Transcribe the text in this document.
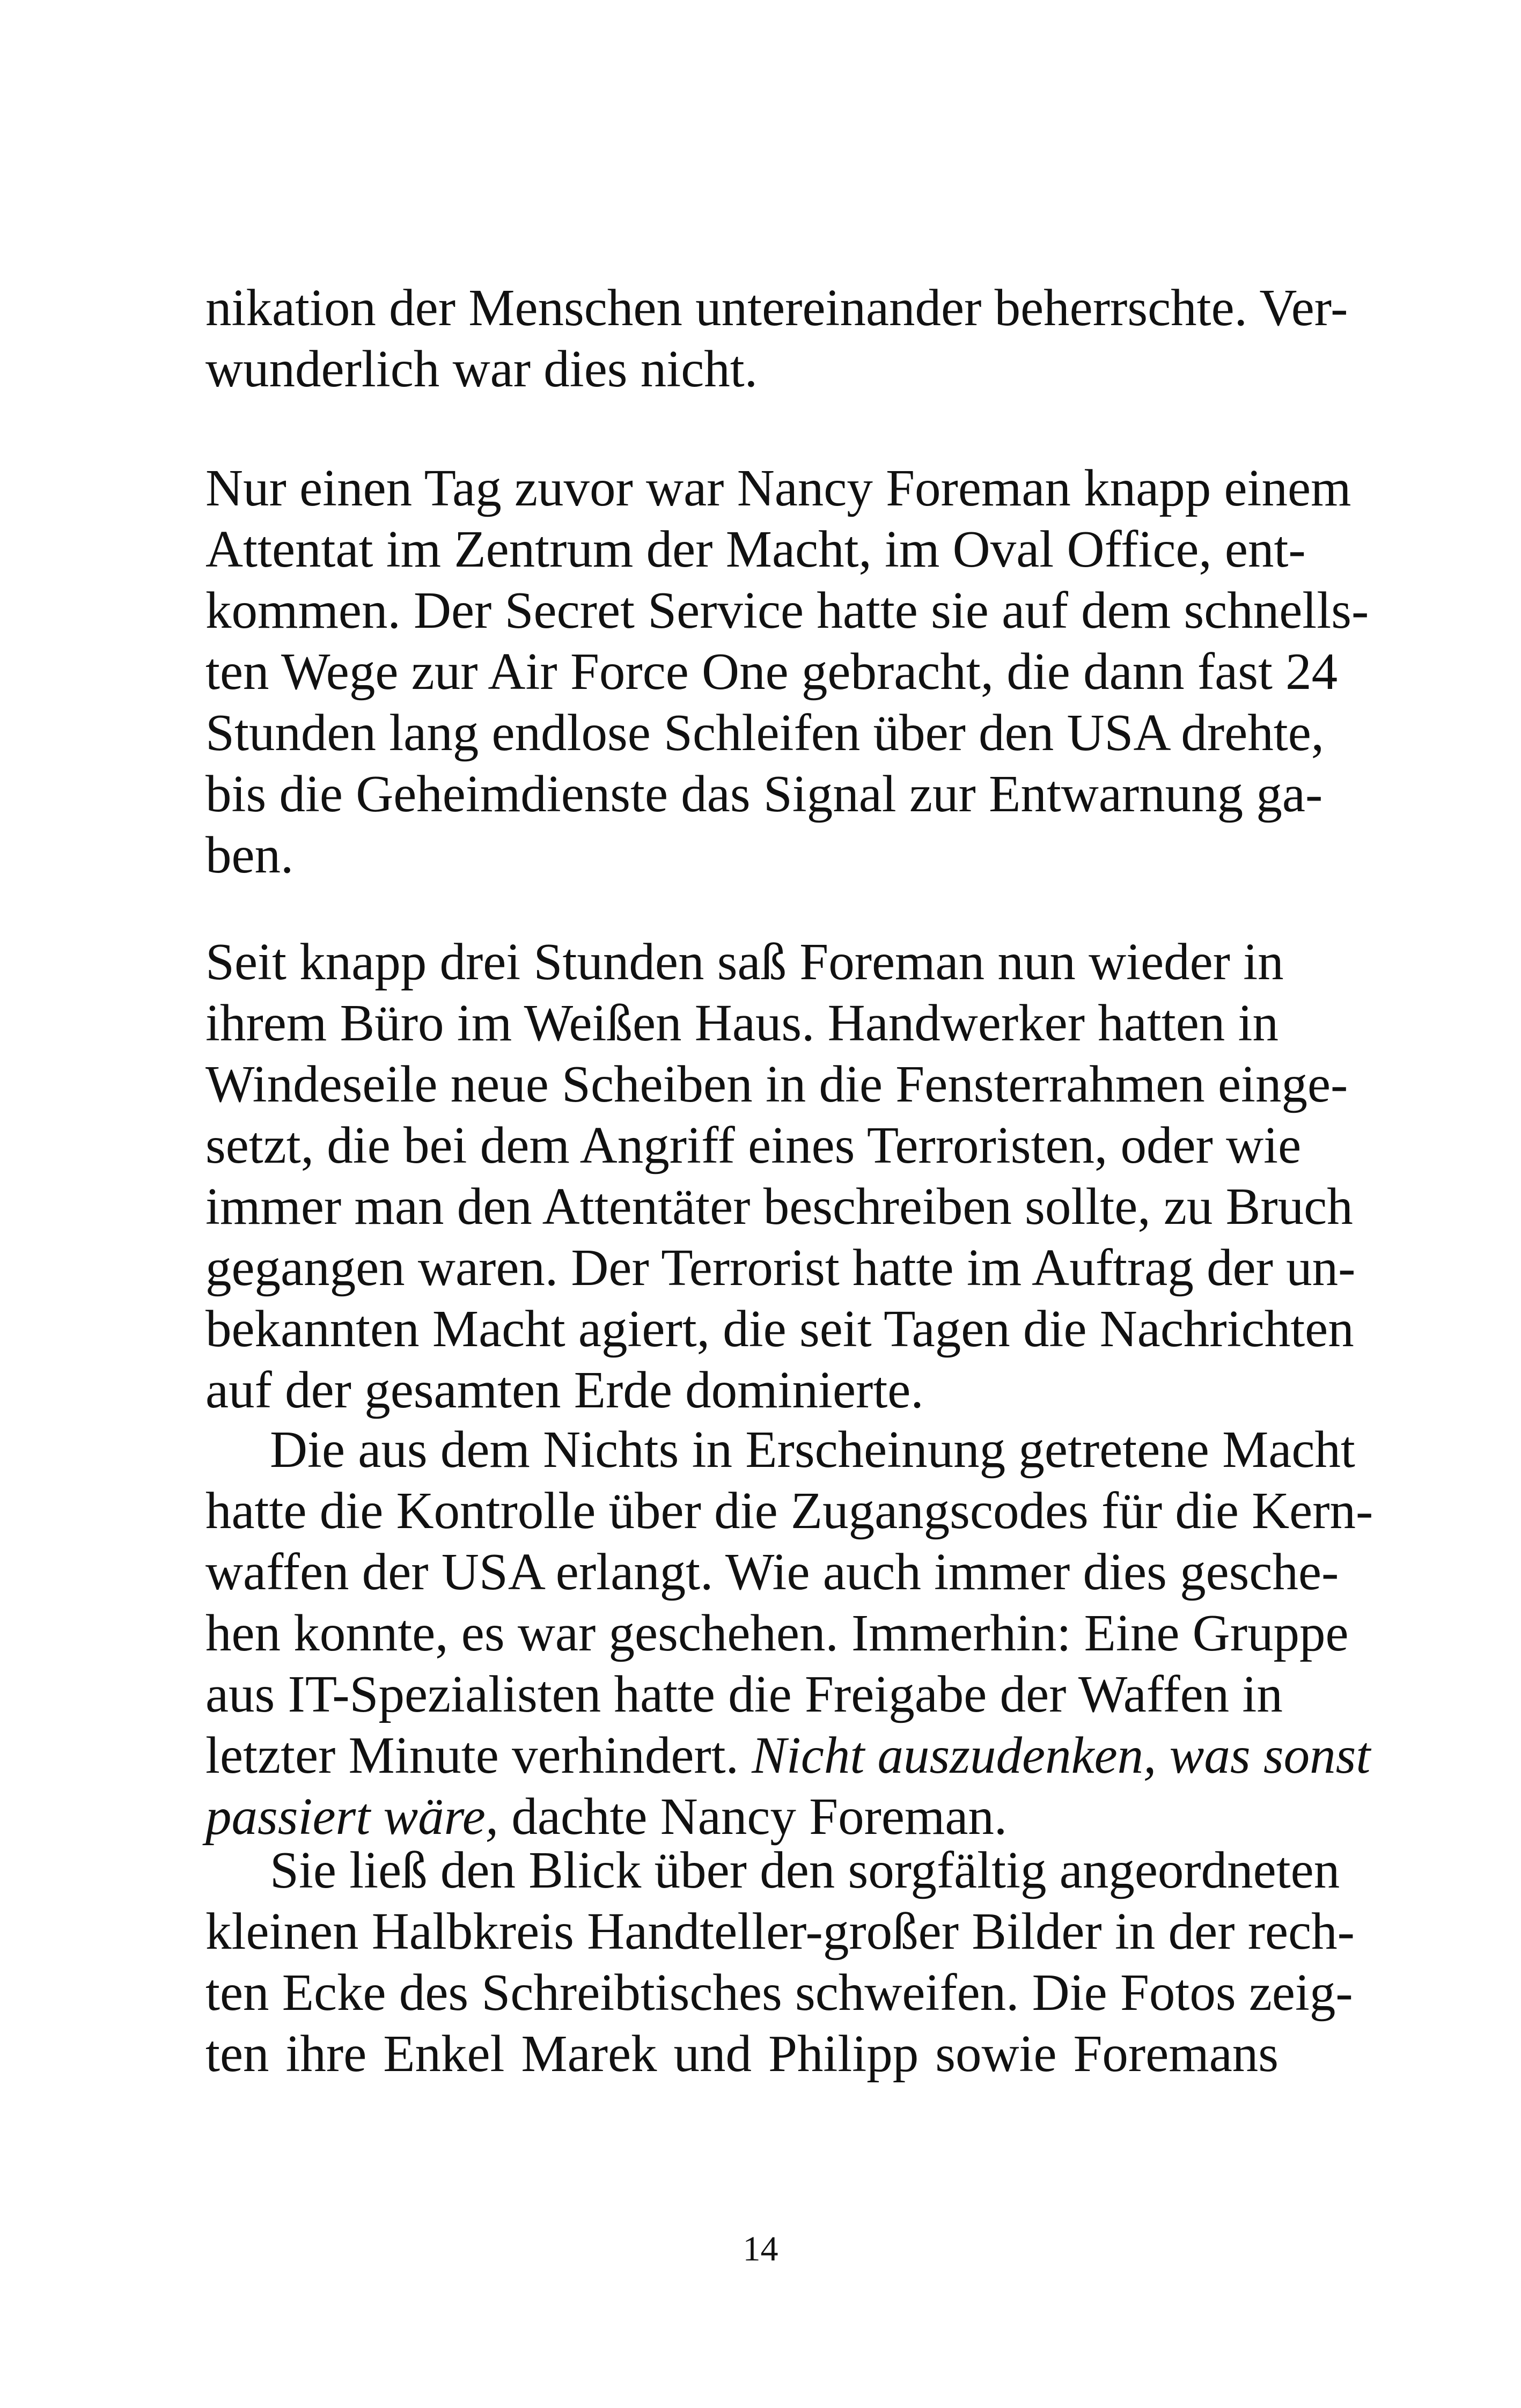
nikation der Menschen untereinander beherrschte. Ver-
wunderlich war dies nicht.
Nur einen Tag zuvor war Nancy Foreman knapp einem
Attentat im Zentrum der Macht, im Oval Office, ent-
kommen. Der Secret Service hatte sie auf dem schnells-
ten Wege zur Air Force One gebracht, die dann fast 24
Stunden lang endlose Schleifen über den USA drehte,
bis die Geheimdienste das Signal zur Entwarnung ga-
ben.
Seit knapp drei Stunden saß Foreman nun wieder in
ihrem Büro im Weißen Haus. Handwerker hatten in
Windeseile neue Scheiben in die Fensterrahmen einge-
setzt, die bei dem Angriff eines Terroristen, oder wie
immer man den Attentäter beschreiben sollte, zu Bruch
gegangen waren. Der Terrorist hatte im Auftrag der un-
bekannten Macht agiert, die seit Tagen die Nachrichten
auf der gesamten Erde dominierte.
Die aus dem Nichts in Erscheinung getretene Macht
hatte die Kontrolle über die Zugangscodes für die Kern-
waffen der USA erlangt. Wie auch immer dies gesche-
hen konnte, es war geschehen. Immerhin: Eine Gruppe
aus IT-Spezialisten hatte die Freigabe der Waffen in
letzter Minute verhindert. Nicht auszudenken, was sonst
passiert wäre, dachte Nancy Foreman.
Sie ließ den Blick über den sorgfältig angeordneten
kleinen Halbkreis Handteller-großer Bilder in der rech-
ten Ecke des Schreibtisches schweifen. Die Fotos zeig-
ten ihre Enkel Marek und Philipp sowie Foremans
14
